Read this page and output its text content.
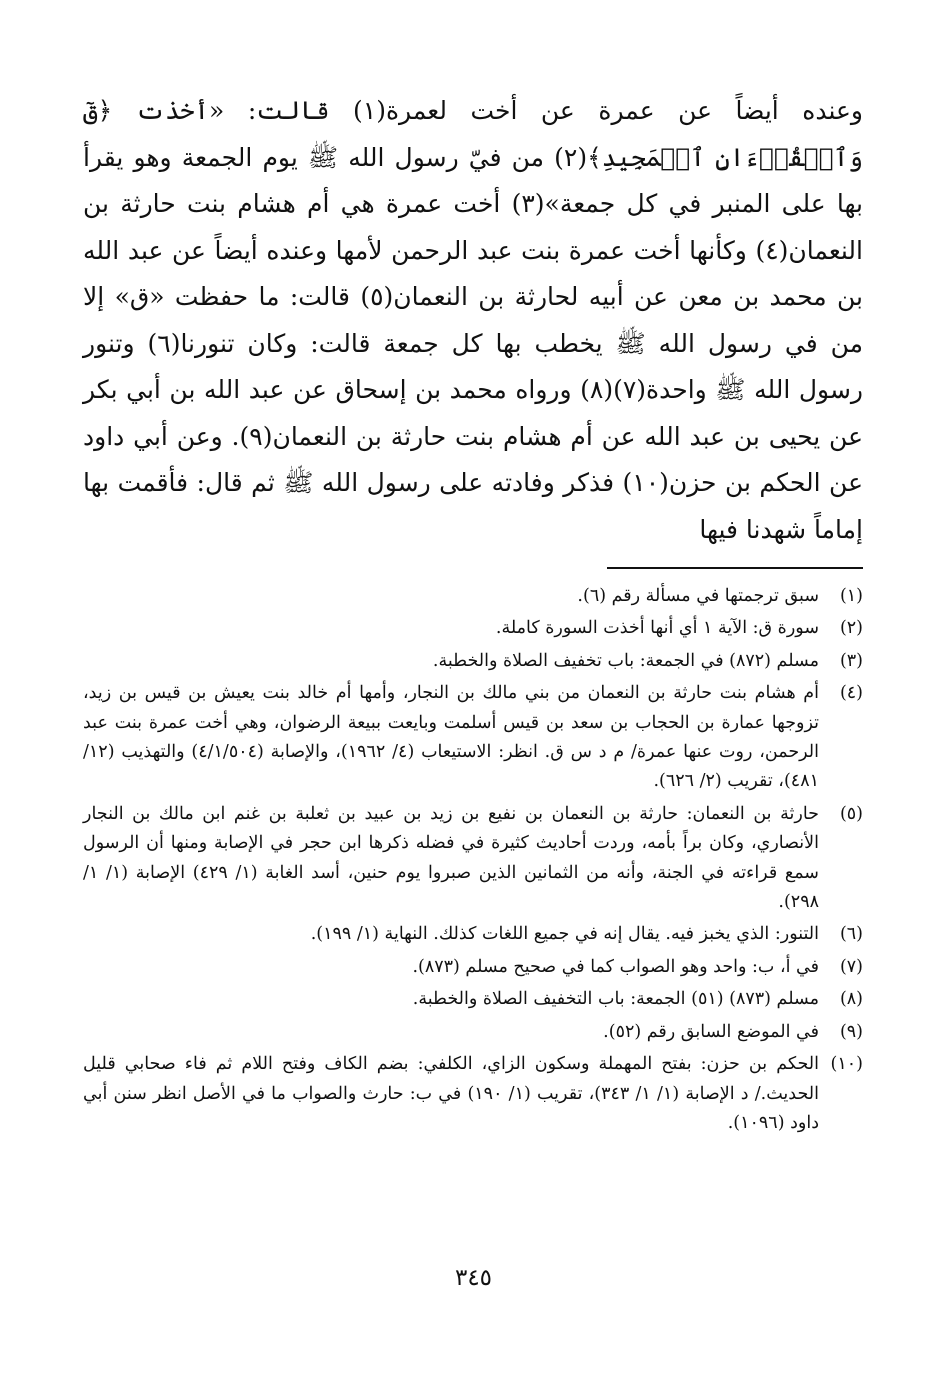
وعنده أيضاً عن عمرة عن أخت لعمرة(١) قالت: «أخذت ﴿قٓ وَٱلۡقُرۡءَانِ ٱلۡمَجِيدِ﴾(٢) من فيّ رسول الله ﷺ يوم الجمعة وهو يقرأ بها على المنبر في كل جمعة»(٣) أخت عمرة هي أم هشام بنت حارثة بن النعمان(٤) وكأنها أخت عمرة بنت عبد الرحمن لأمها وعنده أيضاً عن عبد الله بن محمد بن معن عن أبيه لحارثة بن النعمان(٥) قالت: ما حفظت «ق» إلا من في رسول الله ﷺ يخطب بها كل جمعة قالت: وكان تنورنا(٦) وتنور رسول الله ﷺ واحدة(٧)(٨) ورواه محمد بن إسحاق عن عبد الله بن أبي بكر عن يحيى بن عبد الله عن أم هشام بنت حارثة بن النعمان(٩). وعن أبي داود عن الحكم بن حزن(١٠) فذكر وفادته على رسول الله ﷺ ثم قال: فأقمت بها إماماً شهدنا فيها

(١)
سبق ترجمتها في مسألة رقم (٦).
(٢)
سورة ق: الآية ١ أي أنها أخذت السورة كاملة.
(٣)
مسلم (٨٧٢) في الجمعة: باب تخفيف الصلاة والخطبة.
(٤)
أم هشام بنت حارثة بن النعمان من بني مالك بن النجار، وأمها أم خالد بنت يعيش بن قيس بن زيد، تزوجها عمارة بن الحجاب بن سعد بن قيس أسلمت وبايعت ببيعة الرضوان، وهي أخت عمرة بنت عبد الرحمن، روت عنها عمرة/ م د س ق. انظر: الاستيعاب (٤/ ١٩٦٢)، والإصابة (٤/١/٥٠٤) والتهذيب (١٢/ ٤٨١)، تقريب (٢/ ٦٢٦).
(٥)
حارثة بن النعمان: حارثة بن النعمان بن نفيع بن زيد بن عبيد بن ثعلبة بن غنم ابن مالك بن النجار الأنصاري، وكان براً بأمه، وردت أحاديث كثيرة في فضله ذكرها ابن حجر في الإصابة ومنها أن الرسول سمع قراءته في الجنة، وأنه من الثمانين الذين صبروا يوم حنين، أسد الغابة (١/ ٤٢٩) الإصابة (١/ ١/ ٢٩٨).
(٦)
التنور: الذي يخبز فيه. يقال إنه في جميع اللغات كذلك. النهاية (١/ ١٩٩).
(٧)
في أ، ب: واحد وهو الصواب كما في صحيح مسلم (٨٧٣).
(٨)
مسلم (٨٧٣) (٥١) الجمعة: باب التخفيف الصلاة والخطبة.
(٩)
في الموضع السابق رقم (٥٢).
(١٠)
الحكم بن حزن: بفتح المهملة وسكون الزاي، الكلفي: بضم الكاف وفتح اللام ثم فاء صحابي قليل الحديث./ د الإصابة (١/ ١/ ٣٤٣)، تقريب (١/ ١٩٠) في ب: حارث والصواب ما في الأصل انظر سنن أبي داود (١٠٩٦).
٣٤٥
